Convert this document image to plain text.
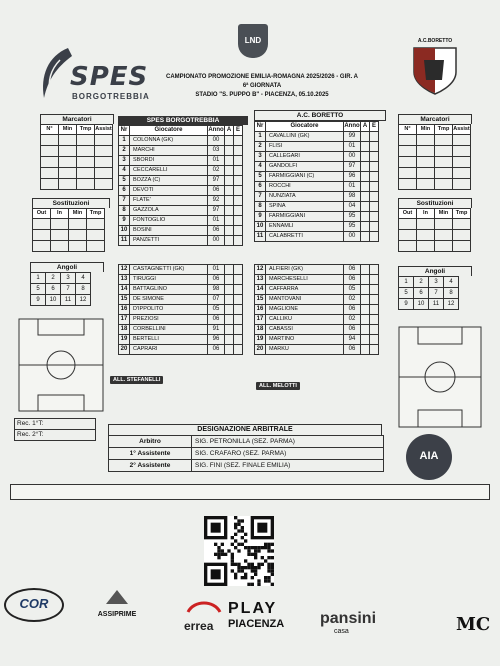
SPES
BORGOTREBBIA
LND
CAMPIONATO PROMOZIONE EMILIA-ROMAGNA 2025/2026 - GIR. A
6ª GIORNATA
STADIO "S. PUPPO B" - PIACENZA, 05.10.2025
A.C.BORETTO
Marcatori
N°	Min	Tmp	Assist

Sostituzioni
Out	In	Min	Tmp

Angoli
1	2	3	4
5	6	7	8
9	10	11	12
SPES BORGOTREBBIA
Nr	Giocatore	Anno	A	E
1	COLONNA (GK)	00		
2	MARCHI	03		
3	SBORDI	01		
4	CECCARELLI	02		
5	BOZZA (C)	97		
6	DEVOTI	06		
7	FLATE'	92		
8	GAZZOLA	97		
9	FONTOGLIO	01		
10	BOSINI	06		
11	PANZETTI	00		
12	CASTAGNETTI (GK)	01		
13	TIRUGGI	06		
14	BATTAGLINO	98		
15	DE SIMONE	07		
16	D'IPPOLITO	05		
17	PREZIOSI	06		
18	CORBELLINI	91		
19	BERTELLI	96		
20	CAPRARI	06		
ALL. STEFANELLI
A.C. BORETTO
Nr	Giocatore	Anno	A	E
1	CAVALLINI (GK)	99		
2	FLISI	01		
3	CALLEGARI	00		
4	GANDOLFI	97		
5	FARMIGGIANI (C)	96		
6	ROCCHI	01		
7	NUNZIATA	98		
8	SPINA	04		
9	FARMIGGIANI	95		
10	ENNAMLI	95		
11	CALABRETTI	00		
12	ALFIERI (GK)	06		
13	MARCHESELLI	06		
14	CAFFARRA	05		
15	MANTOVANI	02		
16	MAGLIONE	06		
17	CALLIKU	02		
18	CABASSI	06		
19	MARTINO	94		
20	MARKU	06		
ALL. MELOTTI
Marcatori
N°	Min	Tmp	Assist

Sostituzioni
Out	In	Min	Tmp

Angoli
1	2	3	4
5	6	7	8
9	10	11	12
Rec. 1°T:
Rec. 2°T:
DESIGNAZIONE ARBITRALE
Arbitro	SIG. PETRONILLA (SEZ. PARMA)
1° Assistente	SIG. CRAFARO (SEZ. PARMA)
2° Assistente	SIG. FINI (SEZ. FINALE EMILIA)
AIA
COR
ASSIPRIME
errea
PLAY
PIACENZA pansini
casa	MC
